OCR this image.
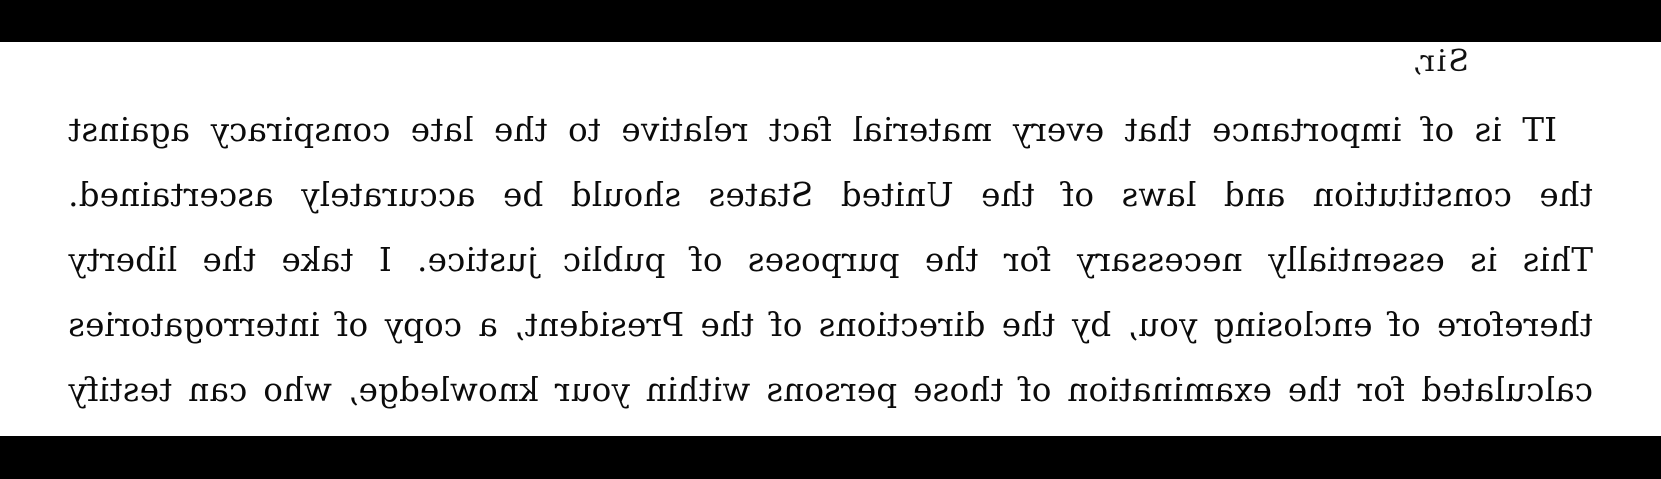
Sir,
IT is of importance that every material fact relative to the late conspiracy against
the constitution and laws of the United States should be accurately ascertained.
This is essentially necessary for the purposes of public justice. I take the liberty
therefore of enclosing you, by the directions of the President, a copy of interrogatories
calculated for the examination of those persons within your knowledge, who can testify
